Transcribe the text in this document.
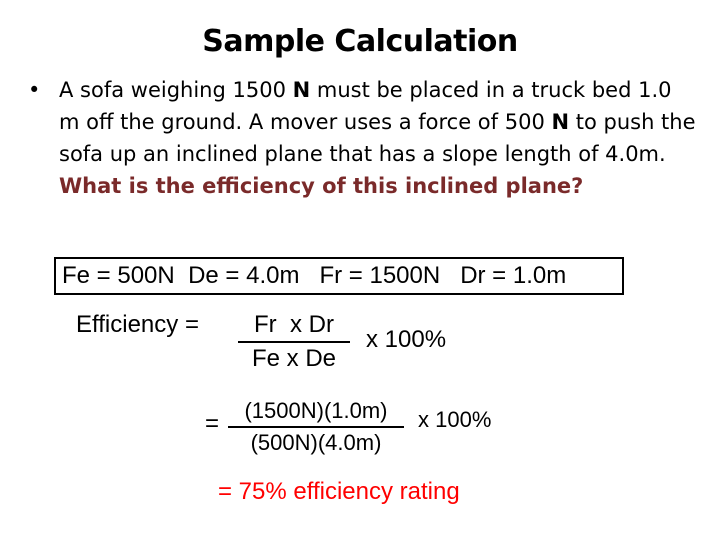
Sample Calculation
• A sofa weighing 1500 N must be placed in a truck bed 1.0 m off the ground. A mover uses a force of 500 N to push the sofa up an inclined plane that has a slope length of 4.0m. What is the efficiency of this inclined plane?
Fe = 500N  De = 4.0m   Fr = 1500N   Dr = 1.0m
Efficiency =	Fr  x Dr
Fe x De
x 100%
=	(1500N)(1.0m)
(500N)(4.0m)
x 100%
= 75% efficiency rating
